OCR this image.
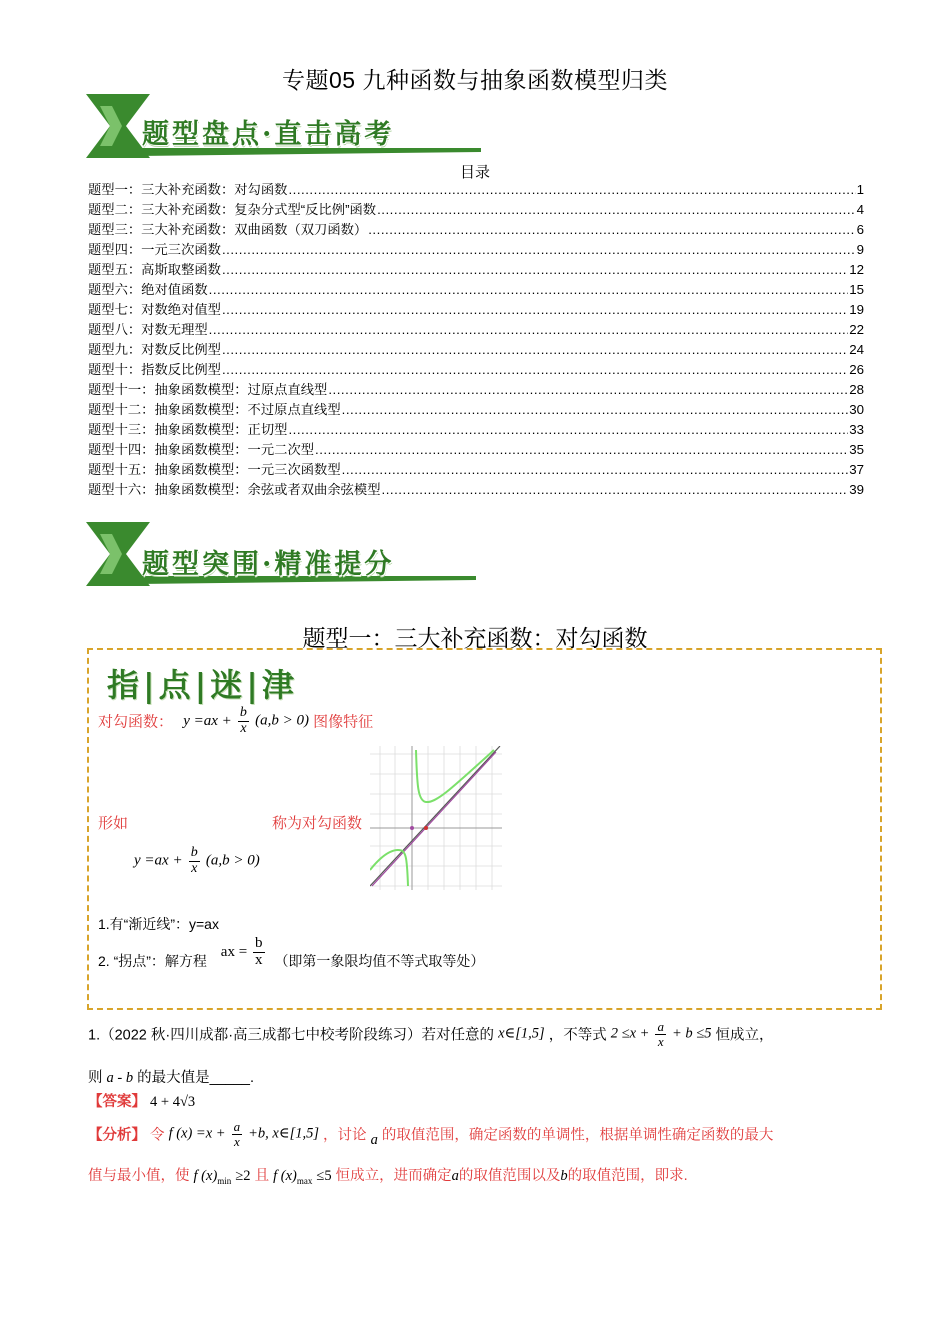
专题05 九种函数与抽象函数模型归类
题型盘点·直击高考
目录
题型一：三大补充函数：对勾函数 .....	1
题型二：三大补充函数：复杂分式型“反比例”函数 .....	4
题型三：三大补充函数：双曲函数（双刀函数） .....	6
题型四：一元三次函数 .....	9
题型五：高斯取整函数 .....	12
题型六：绝对值函数 .....	15
题型七：对数绝对值型 .....	19
题型八：对数无理型 .....	22
题型九：对数反比例型 .....	24
题型十：指数反比例型 .....	26
题型十一：抽象函数模型：过原点直线型 .....	28
题型十二：抽象函数模型：不过原点直线型 .....	30
题型十三：抽象函数模型：正切型 .....	33
题型十四：抽象函数模型：一元二次型 .....	35
题型十五：抽象函数模型：一元三次函数型 .....	37
题型十六：抽象函数模型：余弦或者双曲余弦模型 .....	39
题型突围·精准提分
题型一：三大补充函数：对勾函数
指|点|迷|津
对勾函数： $y =ax + \frac{b}{x} (a,b > 0)$ 图像特征
形如	称为对勾函数
$y =ax + \frac{b}{x} (a,b > 0)$
1.有“渐近线”：y=ax
2. “拐点”：解方程 ax = $\frac{b}{x}$ （即第一象限均值不等式取等处）
1.（2022 秋·四川成都·高三成都七中校考阶段练习）若对任意的 x∈[1,5] ，不等式 $2 \le x + \frac{a}{x} + b \le 5$ 恒成立，
则 a - b 的最大值是_____.
【答案】 4 + 4√3
【分析】 令 f $(x) =x + \frac{a}{x} +b$, x∈[1,5] ，讨论 a 的取值范围，确定函数的单调性，根据单调性确定函数的最大
值与最小值，使 f $(x)_{min} \ge 2$ 且 f $(x)_{max} \le 5$ 恒成立，进而确定a的取值范围以及b的取值范围，即求.
